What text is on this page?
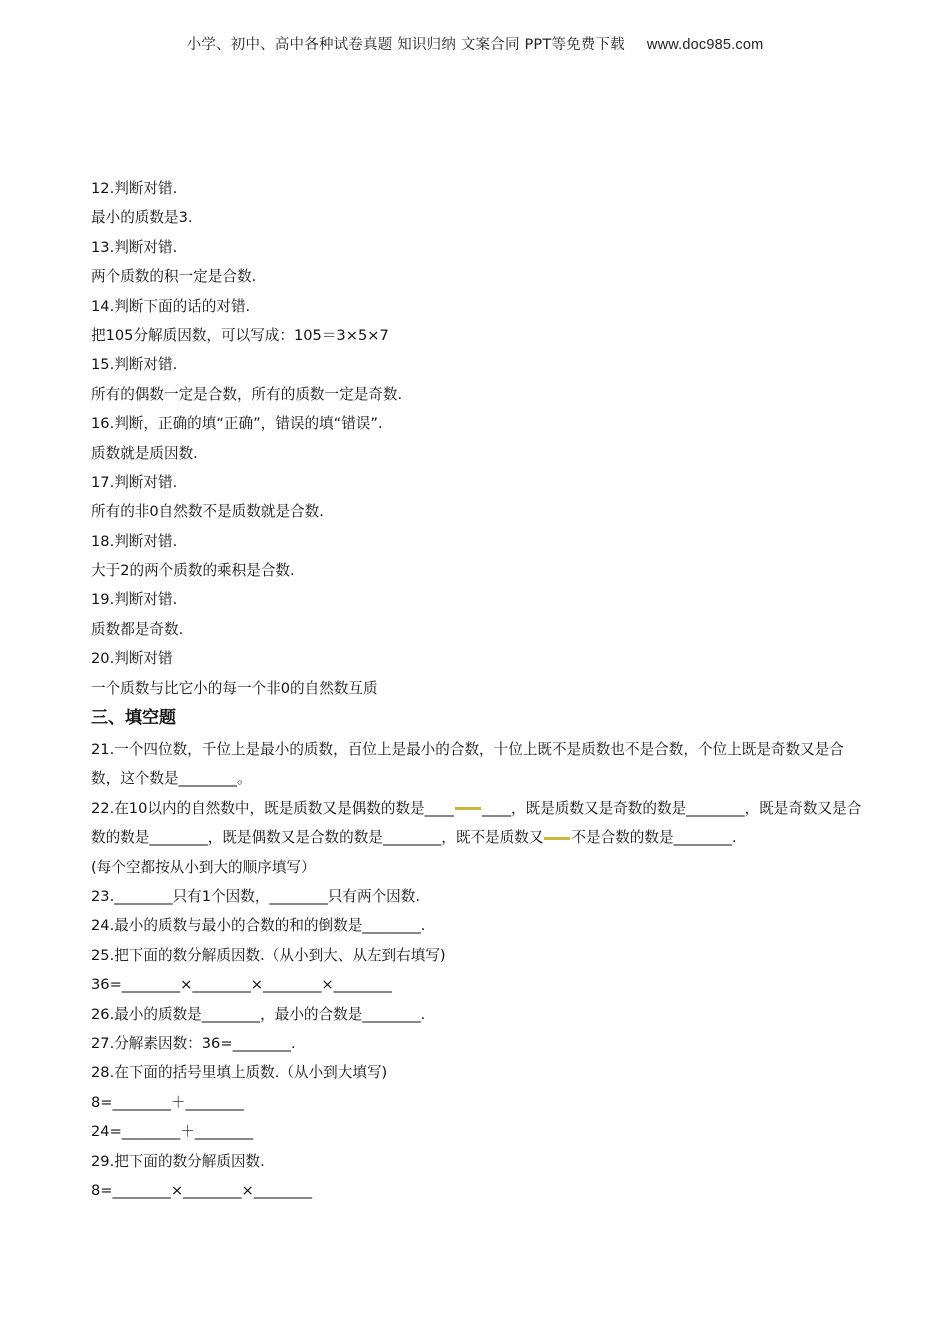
小学、初中、高中各种试卷真题 知识归纳 文案合同 PPT等免费下载 www.doc985.com
12.判断对错.
最小的质数是3.
13.判断对错.
两个质数的积一定是合数.
14.判断下面的话的对错.
把105分解质因数，可以写成：105＝3×5×7
15.判断对错.
所有的偶数一定是合数，所有的质数一定是奇数.
16.判断，正确的填“正确”，错误的填“错误”.
质数就是质因数.
17.判断对错.
所有的非0自然数不是质数就是合数.
18.判断对错.
大于2的两个质数的乘积是合数.
19.判断对错.
质数都是奇数.
20.判断对错
一个质数与比它小的每一个非0的自然数互质
三、填空题
21.一个四位数，千位上是最小的质数，百位上是最小的合数，十位上既不是质数也不是合数，个位上既是奇数又是合数，这个数是________。
22.在10以内的自然数中，既是质数又是偶数的数是____ ____，既是质数又是奇数的数是________，既是奇数又是合数的数是________，既是偶数又是合数的数是________，既不是质数又 不是合数的数是________.
(每个空都按从小到大的顺序填写）
23.________只有1个因数，________只有两个因数.
24.最小的质数与最小的合数的和的倒数是________.
25.把下面的数分解质因数.（从小到大、从左到右填写)
36=________×________×________×________
26.最小的质数是________，最小的合数是________.
27.分解素因数：36=________.
28.在下面的括号里填上质数.（从小到大填写)
8=________＋________
24=________＋________
29.把下面的数分解质因数.
8=________×________×________
